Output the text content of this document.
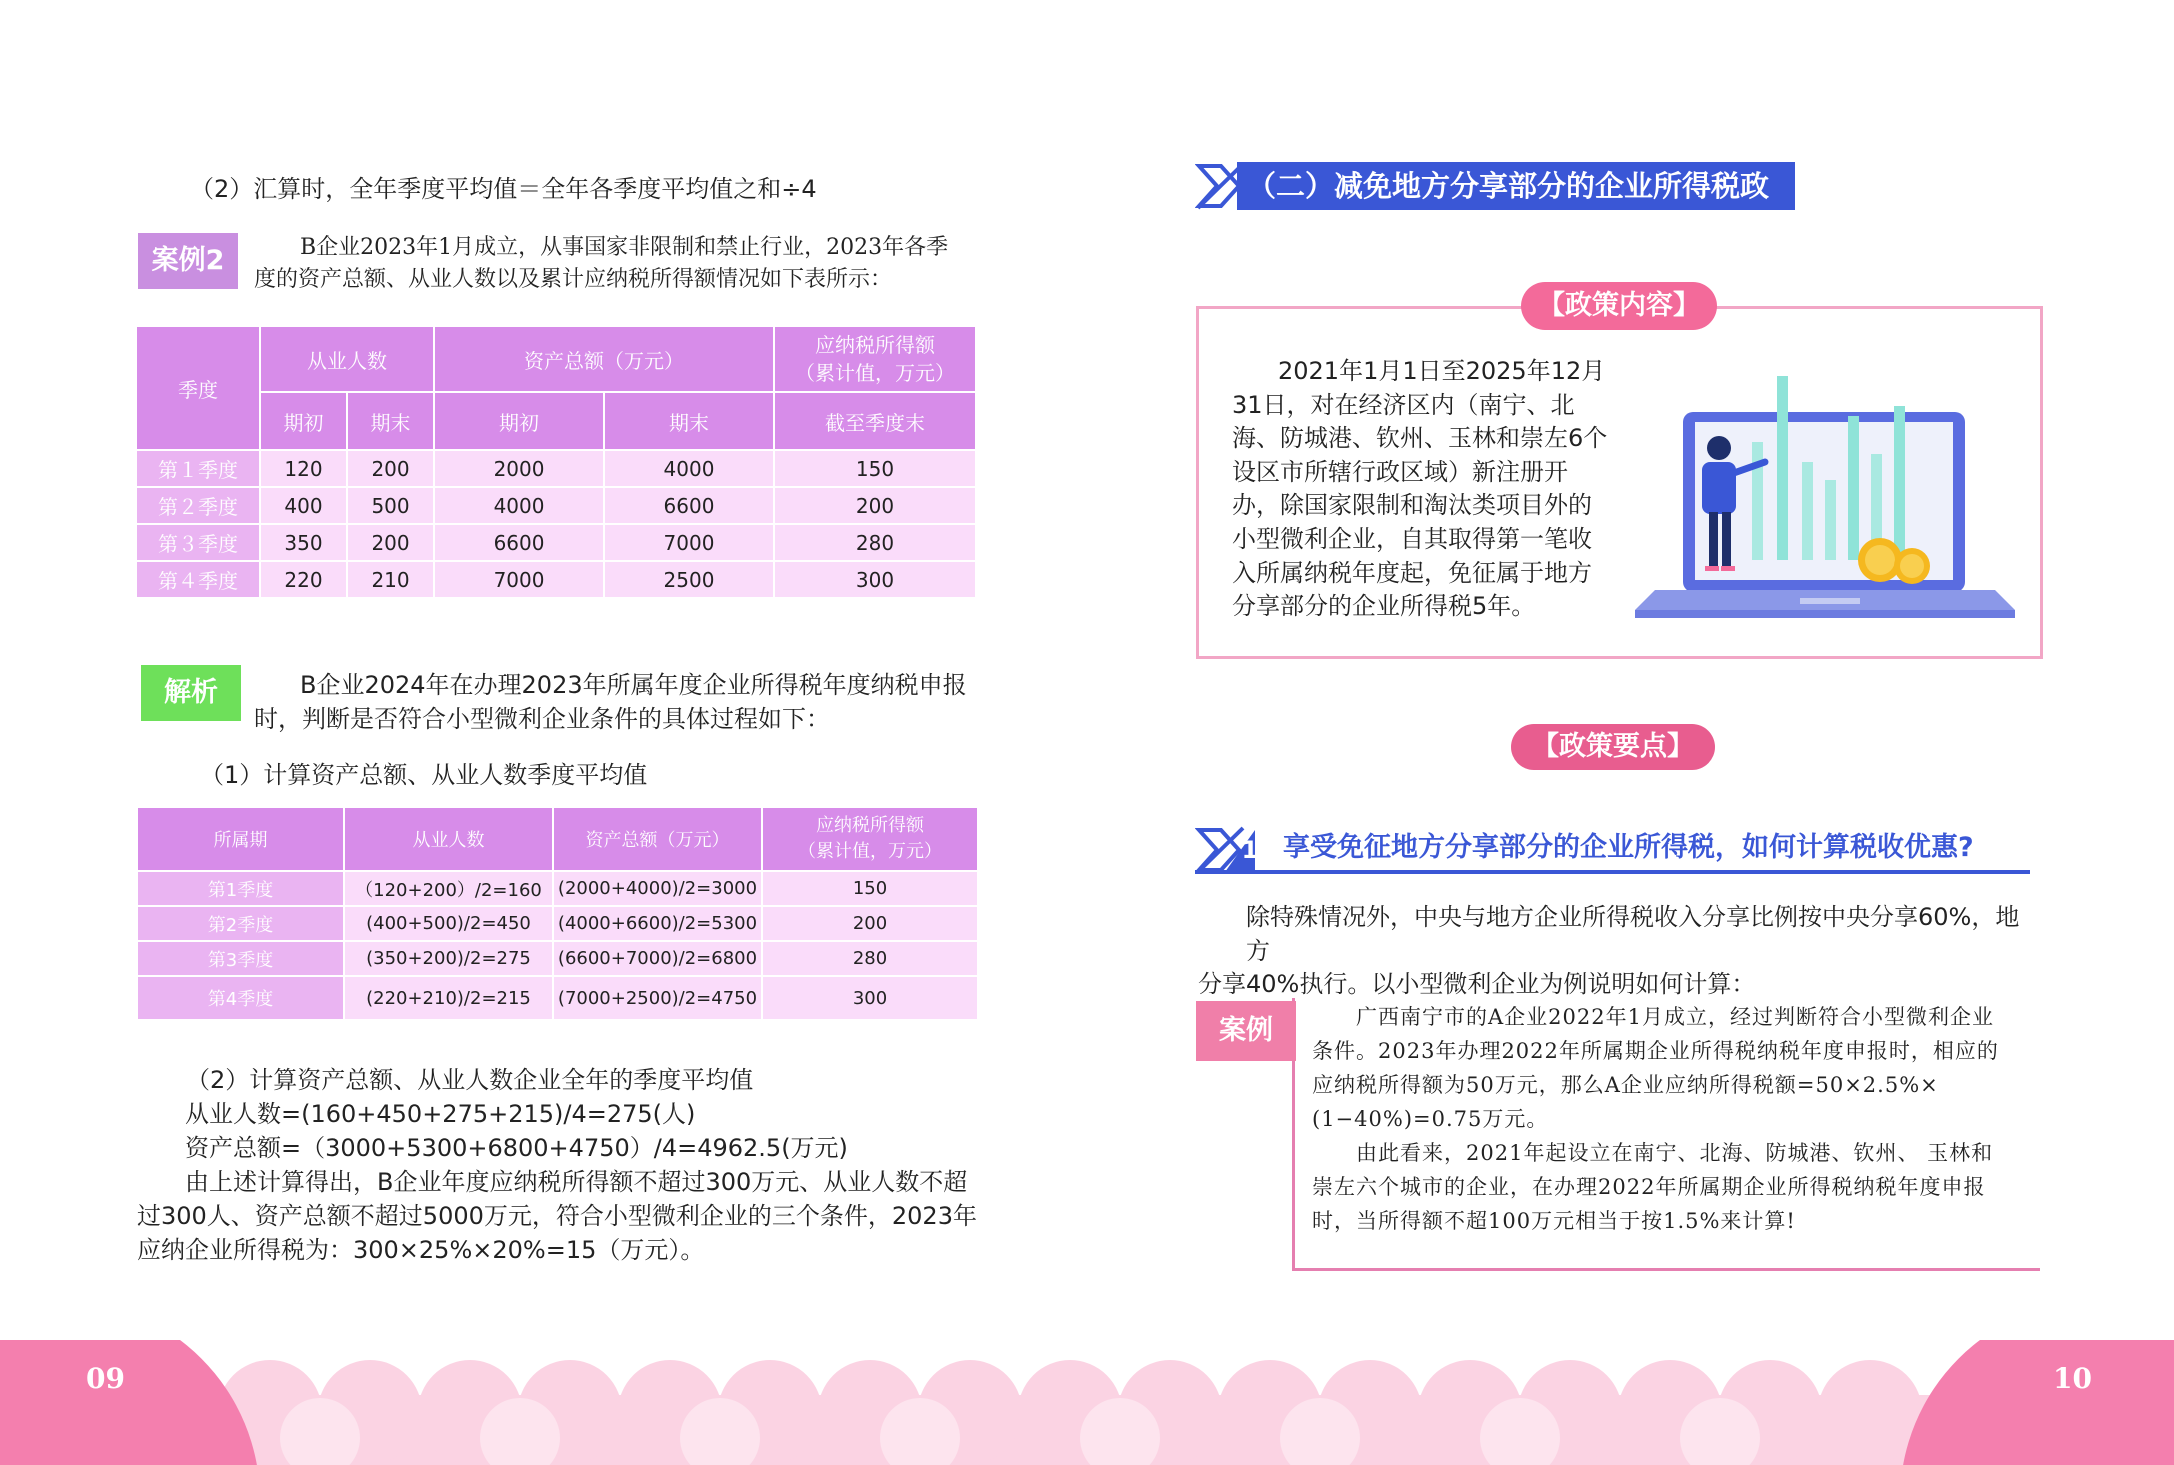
（2）汇算时，全年季度平均值＝全年各季度平均值之和÷4
案例2	B企业2023年1月成立，从事国家非限制和禁止行业，2023年各季
度的资产总额、从业人数以及累计应纳税所得额情况如下表所示：
季度	从业人数		资产总额（万元）		应纳税所得额
（累计值，万元）

	期初	期末	期初	期末	截至季度末
第１季度	120	200	2000	4000	150
第２季度	400	500	4000	6600	200
第３季度	350	200	6600	7000	280
第４季度	220	210	7000	2500	300
解析	B企业2024年在办理2023年所属年度企业所得税年度纳税申报
时，判断是否符合小型微利企业条件的具体过程如下：
（1）计算资产总额、从业人数季度平均值
所属期	从业人数	资产总额（万元）	应纳税所得额
（累计值，万元）

第1季度	（120+200）/2=160	(2000+4000)/2=3000	150
第2季度	(400+500)/2=450	(4000+6600)/2=5300	200
第3季度	(350+200)/2=275	(6600+7000)/2=6800	280
第4季度	(220+210)/2=215	(7000+2500)/2=4750	300
（2）计算资产总额、从业人数企业全年的季度平均值
从业人数=(160+450+275+215)/4=275(人)
资产总额=（3000+5300+6800+4750）/4=4962.5(万元)
由上述计算得出，B企业年度应纳税所得额不超过300万元、从业人数不超
过300人、资产总额不超过5000万元，符合小型微利企业的三个条件，2023年
应纳企业所得税为：300×25%×20%=15（万元）。
（二）减免地方分享部分的企业所得税政策
【政策内容】
2021年1月1日至2025年12月
31日，对在经济区内（南宁、北
海、防城港、钦州、玉林和崇左6个
设区市所辖行政区域）新注册开
办，除国家限制和淘汰类项目外的
小型微利企业，自其取得第一笔收
入所属纳税年度起，免征属于地方
分享部分的企业所得税5年。
【政策要点】
1 享受免征地方分享部分的企业所得税，如何计算税收优惠?
除特殊情况外，中央与地方企业所得税收入分享比例按中央分享60%，地方
分享40%执行。以小型微利企业为例说明如何计算：
案例	广西南宁市的A企业2022年1月成立，经过判断符合小型微利企业
条件。2023年办理2022年所属期企业所得税纳税年度申报时，相应的
应纳税所得额为50万元，那么A企业应纳所得税额=50×2.5%×
(1−40%)=0.75万元。
由此看来，2021年起设立在南宁、北海、防城港、钦州、 玉林和
崇左六个城市的企业，在办理2022年所属期企业所得税纳税年度申报
时，当所得额不超100万元相当于按1.5%来计算!
09	10
